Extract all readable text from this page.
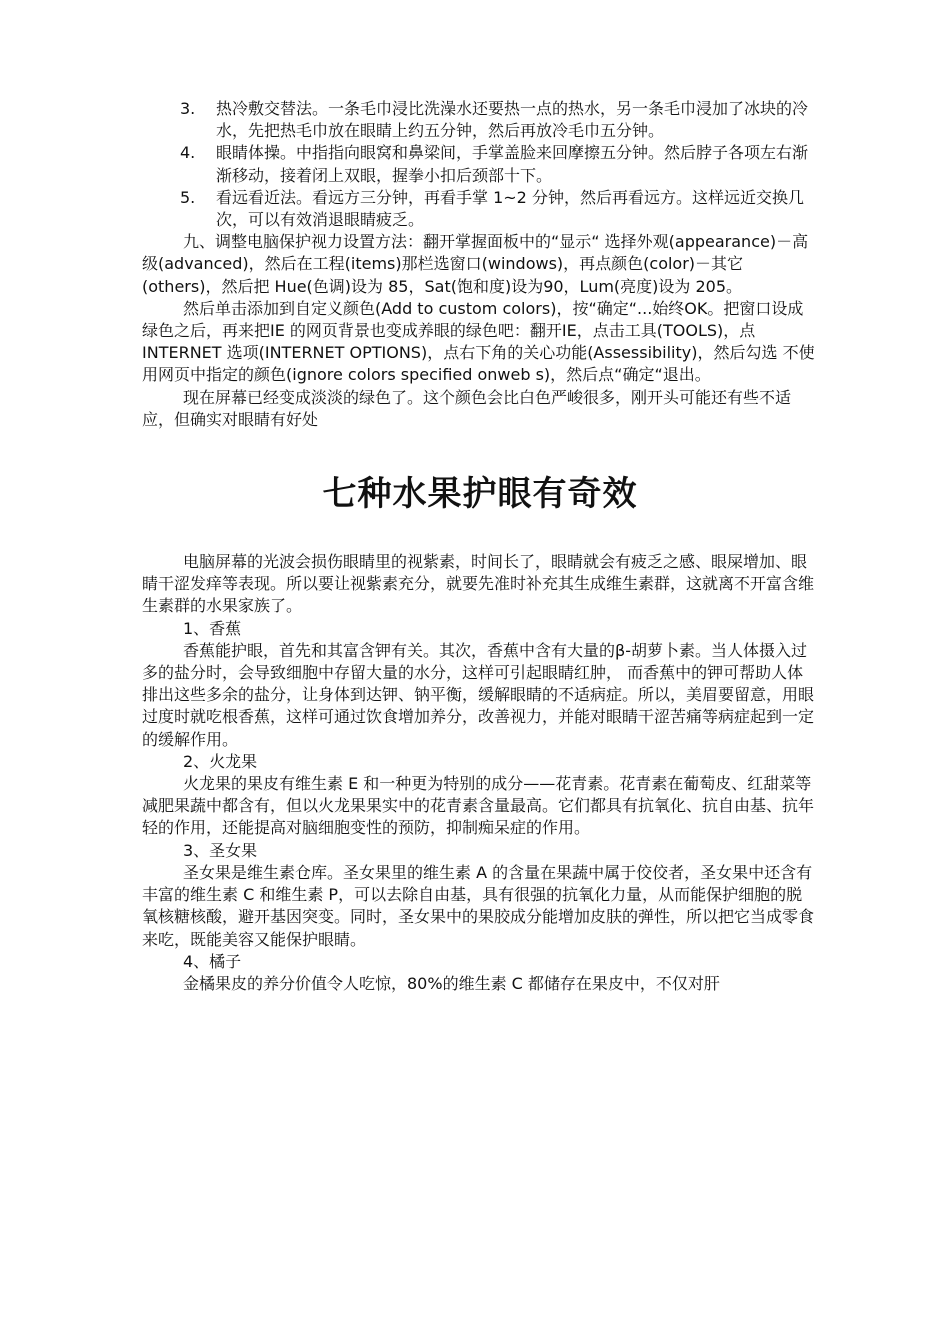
3. 热冷敷交替法。一条毛巾浸比洗澡水还要热一点的热水，另一条毛巾浸加了冰块的冷水，先把热毛巾放在眼睛上约五分钟，然后再放冷毛巾五分钟。

4. 眼睛体操。中指指向眼窝和鼻梁间，手掌盖脸来回摩擦五分钟。然后脖子各项左右渐渐移动，接着闭上双眼，握拳小扣后颈部十下。

5. 看远看近法。看远方三分钟，再看手掌 1~2 分钟，然后再看远方。这样远近交换几次，可以有效消退眼睛疲乏。

九、调整电脑保护视力设置方法：翻开掌握面板中的“显示“ 选择外观(appearance)－高级(advanced)，然后在工程(items)那栏选窗口(windows)，再点颜色(color)－其它(others)，然后把 Hue(色调)设为 85，Sat(饱和度)设为90，Lum(亮度)设为 205。

然后单击添加到自定义颜色(Add to custom colors)，按“确定“...始终OK。把窗口设成绿色之后，再来把IE 的网页背景也变成养眼的绿色吧：翻开IE，点击工具(TOOLS)，点 INTERNET 选项(INTERNET OPTIONS)，点右下角的关心功能(Assessibility)，然后勾选 不使用网页中指定的颜色(ignore colors specified onweb s)，然后点“确定“退出。

现在屏幕已经变成淡淡的绿色了。这个颜色会比白色严峻很多，刚开头可能还有些不适应，但确实对眼睛有好处

七种水果护眼有奇效

电脑屏幕的光波会损伤眼睛里的视紫素，时间长了，眼睛就会有疲乏之感、眼屎增加、眼睛干涩发痒等表现。所以要让视紫素充分，就要先准时补充其生成维生素群，这就离不开富含维生素群的水果家族了。

1、香蕉

香蕉能护眼，首先和其富含钾有关。其次，香蕉中含有大量的β-胡萝卜素。当人体摄入过多的盐分时，会导致细胞中存留大量的水分，这样可引起眼睛红肿， 而香蕉中的钾可帮助人体排出这些多余的盐分，让身体到达钾、钠平衡，缓解眼睛的不适病症。所以，美眉要留意，用眼过度时就吃根香蕉，这样可通过饮食增加养分，改善视力，并能对眼睛干涩苦痛等病症起到一定的缓解作用。

2、火龙果

火龙果的果皮有维生素 E 和一种更为特别的成分——花青素。花青素在葡萄皮、红甜菜等减肥果蔬中都含有，但以火龙果果实中的花青素含量最高。它们都具有抗氧化、抗自由基、抗年轻的作用，还能提高对脑细胞变性的预防，抑制痴呆症的作用。

3、圣女果

圣女果是维生素仓库。圣女果里的维生素 A 的含量在果蔬中属于佼佼者，圣女果中还含有丰富的维生素 C 和维生素 P，可以去除自由基，具有很强的抗氧化力量，从而能保护细胞的脱氧核糖核酸，避开基因突变。同时，圣女果中的果胶成分能增加皮肤的弹性，所以把它当成零食来吃，既能美容又能保护眼睛。

4、橘子

金橘果皮的养分价值令人吃惊，80%的维生素 C 都储存在果皮中，不仅对肝
